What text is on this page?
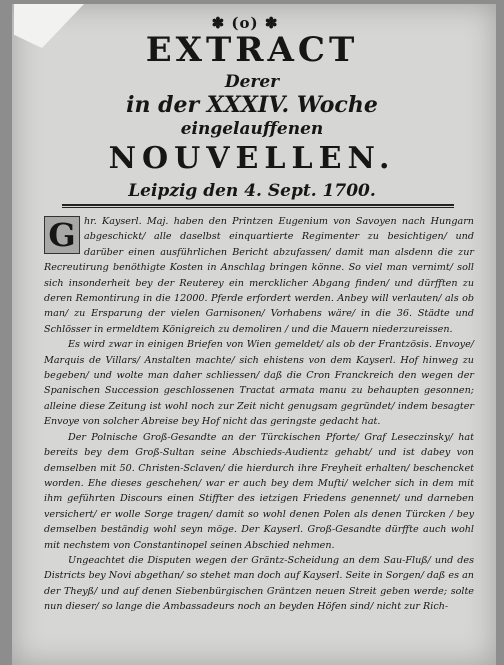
✽ (o) ✽
EXTRACT
Derer
in der XXXIV. Woche
eingelauffenen
NOUVELLEN.
Leipzig den 4. Sept. 1700.

G hr. Kayserl. Maj. haben den Printzen Eugenium von Savoyen nach Hungarn abgeschickt/ alle daselbst einquartierte Regimenter zu besichtigen/ und darüber einen ausführlichen Bericht abzufassen/ damit man alsdenn die zur Recreutirung benöthigte Kosten in Anschlag bringen könne. So viel man vernimt/ soll sich insonderheit bey der Reuterey ein mercklicher Abgang finden/ und dürfften zu deren Remontirung in die 12000. Pferde erfordert werden. Anbey will verlauten/ als ob man/ zu Ersparung der vielen Garnisonen/ Vorhabens wäre/ in die 36. Städte und Schlösser in ermeldtem Königreich zu demoliren / und die Mauern niederzureissen.

Es wird zwar in einigen Briefen von Wien gemeldet/ als ob der Frantzösis. Envoye/ Marquis de Villars/ Anstalten machte/ sich ehistens von dem Kayserl. Hof hinweg zu begeben/ und wolte man daher schliessen/ daß die Cron Franckreich den wegen der Spanischen Succession geschlossenen Tractat armata manu zu behaupten gesonnen; alleine diese Zeitung ist wohl noch zur Zeit nicht genugsam gegründet/ indem besagter Envoye von solcher Abreise bey Hof nicht das geringste gedacht hat.

Der Polnische Groß-Gesandte an der Türckischen Pforte/ Graf Leseczinsky/ hat bereits bey dem Groß-Sultan seine Abschieds-Audientz gehabt/ und ist dabey von demselben mit 50. Christen-Sclaven/ die hierdurch ihre Freyheit erhalten/ beschencket worden. Ehe dieses geschehen/ war er auch bey dem Mufti/ welcher sich in dem mit ihm geführten Discours einen Stiffter des ietzigen Friedens genennet/ und darneben versichert/ er wolle Sorge tragen/ damit so wohl denen Polen als denen Türcken / bey demselben beständig wohl seyn möge. Der Kayserl. Groß-Gesandte dürffte auch wohl mit nechstem von Constantinopel seinen Abschied nehmen.

Ungeachtet die Disputen wegen der Gräntz-Scheidung an dem Sau-Fluß/ und des Districts bey Novi abgethan/ so stehet man doch auf Kayserl. Seite in Sorgen/ daß es an der Theyß/ und auf denen Siebenbürgischen Gräntzen neuen Streit geben werde; solte nun dieser/ so lange die Ambassadeurs noch an beyden Höfen sind/ nicht zur Rich-
